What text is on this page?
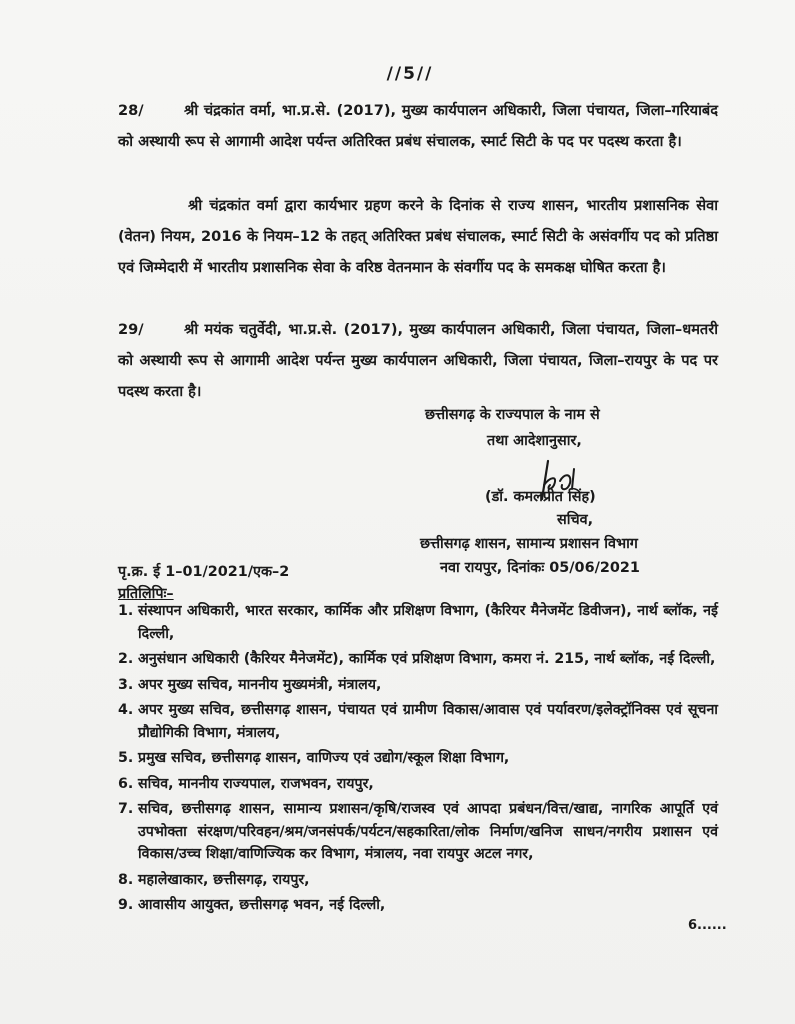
//5//
28/	श्री चंद्रकांत वर्मा, भा.प्र.से. (2017), मुख्य कार्यपालन अधिकारी, जिला पंचायत, जिला–गरियाबंद को अस्थायी रूप से आगामी आदेश पर्यन्त अतिरिक्त प्रबंध संचालक, स्मार्ट सिटी के पद पर पदस्थ करता है।
श्री चंद्रकांत वर्मा द्वारा कार्यभार ग्रहण करने के दिनांक से राज्य शासन, भारतीय प्रशासनिक सेवा (वेतन) नियम, 2016 के नियम–12 के तहत् अतिरिक्त प्रबंध संचालक, स्मार्ट सिटी के असंवर्गीय पद को प्रतिष्ठा एवं जिम्मेदारी में भारतीय प्रशासनिक सेवा के वरिष्ठ वेतनमान के संवर्गीय पद के समकक्ष घोषित करता है।
29/	श्री मयंक चतुर्वेदी, भा.प्र.से. (2017), मुख्य कार्यपालन अधिकारी, जिला पंचायत, जिला–धमतरी को अस्थायी रूप से आगामी आदेश पर्यन्त मुख्य कार्यपालन अधिकारी, जिला पंचायत, जिला–रायपुर के पद पर पदस्थ करता है।
छत्तीसगढ़ के राज्यपाल के नाम से
तथा आदेशानुसार,
(डॉ. कमलप्रीत सिंह)
सचिव,
छत्तीसगढ़ शासन, सामान्य प्रशासन विभाग
पृ.क्र. ई 1–01/2021/एक–2	नवा रायपुर, दिनांकः 05/06/2021
प्रतिलिपिः–
1. संस्थापन अधिकारी, भारत सरकार, कार्मिक और प्रशिक्षण विभाग, (कैरियर मैनेजमेंट डिवीजन), नार्थ ब्लॉक, नई दिल्ली,
2. अनुसंधान अधिकारी (कैरियर मैनेजमेंट), कार्मिक एवं प्रशिक्षण विभाग, कमरा नं. 215, नार्थ ब्लॉक, नई दिल्ली,
3. अपर मुख्य सचिव, माननीय मुख्यमंत्री, मंत्रालय,
4. अपर मुख्य सचिव, छत्तीसगढ़ शासन, पंचायत एवं ग्रामीण विकास/आवास एवं पर्यावरण/इलेक्ट्रॉनिक्स एवं सूचना प्रौद्योगिकी विभाग, मंत्रालय,
5. प्रमुख सचिव, छत्तीसगढ़ शासन, वाणिज्य एवं उद्योग/स्कूल शिक्षा विभाग,
6. सचिव, माननीय राज्यपाल, राजभवन, रायपुर,
7. सचिव, छत्तीसगढ़ शासन, सामान्य प्रशासन/कृषि/राजस्व एवं आपदा प्रबंधन/वित्त/खाद्य, नागरिक आपूर्ति एवं उपभोक्ता संरक्षण/परिवहन/श्रम/जनसंपर्क/पर्यटन/सहकारिता/लोक निर्माण/खनिज साधन/नगरीय प्रशासन एवं विकास/उच्च शिक्षा/वाणिज्यिक कर विभाग, मंत्रालय, नवा रायपुर अटल नगर,
8. महालेखाकार, छत्तीसगढ़, रायपुर,
9. आवासीय आयुक्त, छत्तीसगढ़ भवन, नई दिल्ली,
6......
